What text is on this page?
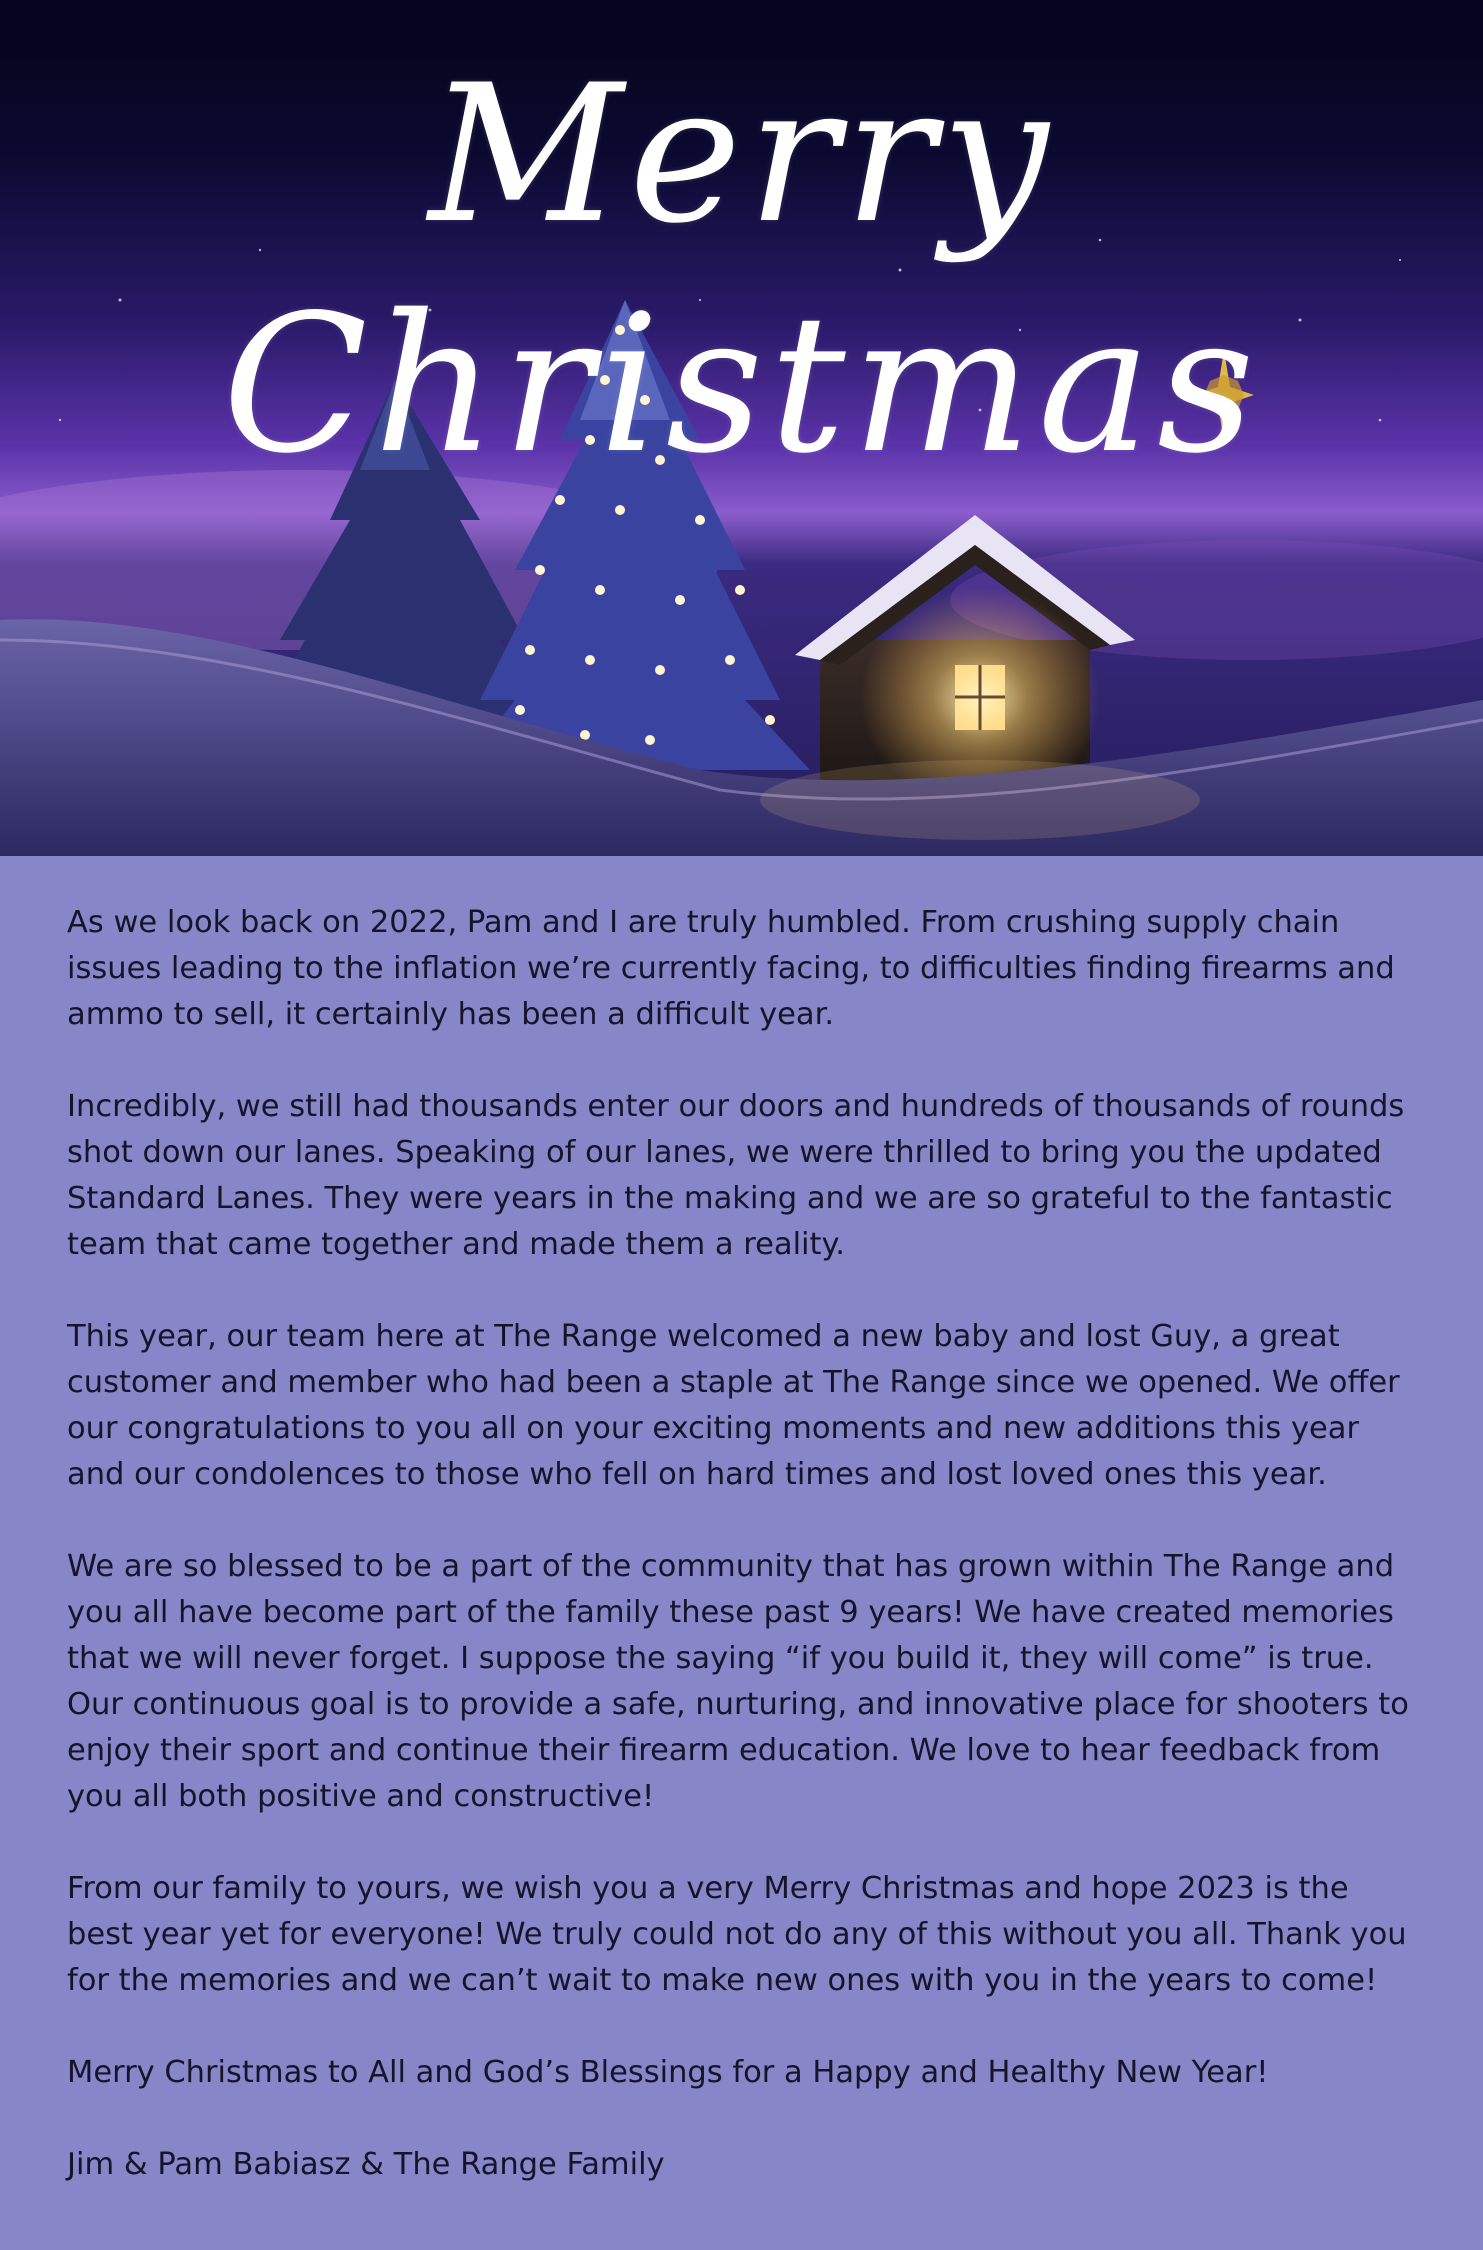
Merry Christmas

As we look back on 2022, Pam and I are truly humbled. From crushing supply chain issues leading to the inflation we’re currently facing, to difficulties finding firearms and ammo to sell, it certainly has been a difficult year.

Incredibly, we still had thousands enter our doors and hundreds of thousands of rounds shot down our lanes. Speaking of our lanes, we were thrilled to bring you the updated Standard Lanes. They were years in the making and we are so grateful to the fantastic team that came together and made them a reality.

This year, our team here at The Range welcomed a new baby and lost Guy, a great customer and member who had been a staple at The Range since we opened. We offer our congratulations to you all on your exciting moments and new additions this year and our condolences to those who fell on hard times and lost loved ones this year.

We are so blessed to be a part of the community that has grown within The Range and you all have become part of the family these past 9 years! We have created memories that we will never forget. I suppose the saying “if you build it, they will come” is true. Our continuous goal is to provide a safe, nurturing, and innovative place for shooters to enjoy their sport and continue their firearm education. We love to hear feedback from you all both positive and constructive!

From our family to yours, we wish you a very Merry Christmas and hope 2023 is the best year yet for everyone! We truly could not do any of this without you all. Thank you for the memories and we can’t wait to make new ones with you in the years to come!

Merry Christmas to All and God’s Blessings for a Happy and Healthy New Year!

Jim & Pam Babiasz & The Range Family
